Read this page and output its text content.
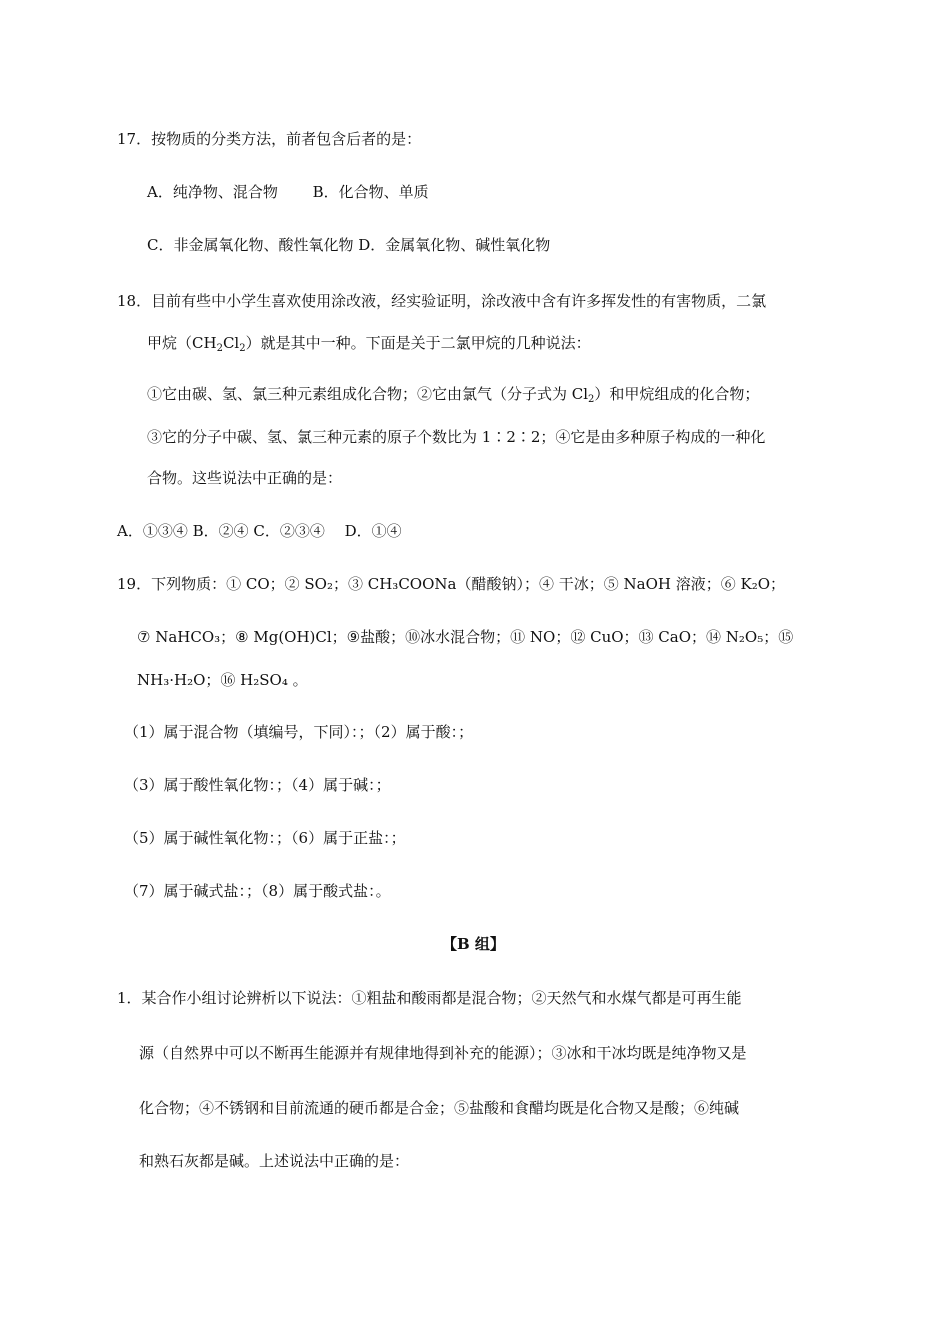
17．按物质的分类方法，前者包含后者的是：
A．纯净物、混合物　　 B．化合物、单质
C．非金属氧化物、酸性氧化物 D．金属氧化物、碱性氧化物
18．目前有些中小学生喜欢使用涂改液，经实验证明，涂改液中含有许多挥发性的有害物质，二氯
甲烷$(CH_2Cl_2)$就是其中一种。下面是关于二氯甲烷的几种说法：
①它由碳、氢、氯三种元素组成化合物；②它由氯气（分子式为 $Cl_2$）和甲烷组成的化合物；
③它的分子中碳、氢、氯三种元素的原子个数比为 1∶2∶2；④它是由多种原子构成的一种化
合物。这些说法中正确的是：
A．①③④ B．②④ C．②③④　 D．①④
19．下列物质：① CO；② SO₂；③ CH₃COONa（醋酸钠）；④ 干冰；⑤ NaOH 溶液；⑥ K₂O；
⑦ NaHCO₃；⑧ Mg(OH)Cl；⑨盐酸；⑩冰水混合物；⑪ NO；⑫ CuO；⑬ CaO；⑭ N₂O₅；⑮
NH₃·H₂O；⑯ H₂SO₄ 。
（1）属于混合物（填编号，下同）：；（2）属于酸：；
（3）属于酸性氧化物：；（4）属于碱：；
（5）属于碱性氧化物：；（6）属于正盐：；
（7）属于碱式盐：；（8）属于酸式盐：。
【B 组】
1．某合作小组讨论辨析以下说法：①粗盐和酸雨都是混合物；②天然气和水煤气都是可再生能
源（自然界中可以不断再生能源并有规律地得到补充的能源）；③冰和干冰均既是纯净物又是
化合物；④不锈钢和目前流通的硬币都是合金；⑤盐酸和食醋均既是化合物又是酸；⑥纯碱
和熟石灰都是碱。上述说法中正确的是：
